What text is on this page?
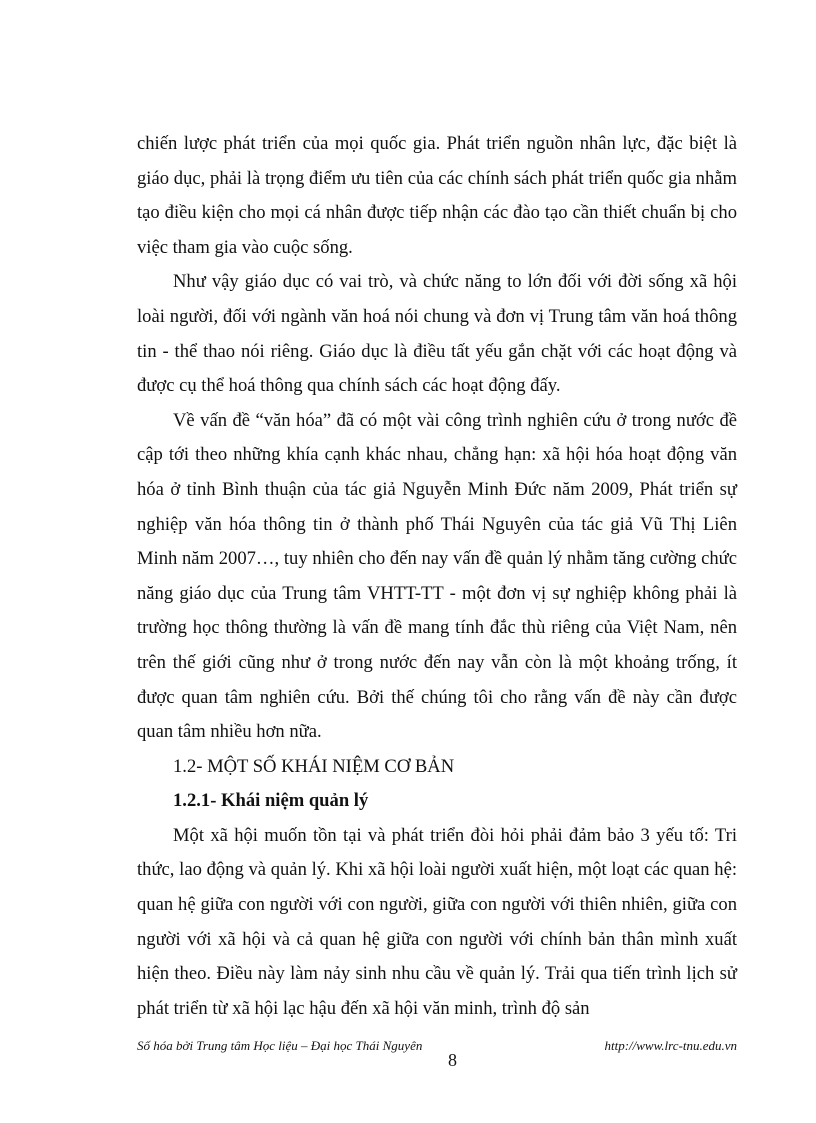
chiến lược phát triển của mọi quốc gia. Phát triển nguồn nhân lực, đặc biệt là giáo dục, phải là trọng điểm ưu tiên của các chính sách phát triển quốc gia nhằm tạo điều kiện cho mọi cá nhân được tiếp nhận các đào tạo cần thiết chuẩn bị cho việc tham gia vào cuộc sống.

Như vậy giáo dục có vai trò, và chức năng to lớn đối với đời sống xã hội loài người, đối với ngành văn hoá nói chung và đơn vị Trung tâm văn hoá thông tin - thể thao nói riêng. Giáo dục là điều tất yếu gắn chặt với các hoạt động và được cụ thể hoá thông qua chính sách các hoạt động đấy.

Về vấn đề “văn hóa” đã có một vài công trình nghiên cứu ở trong nước đề cập tới theo những khía cạnh khác nhau, chẳng hạn: xã hội hóa hoạt động văn hóa ở tỉnh Bình thuận của tác giả Nguyễn Minh Đức năm 2009, Phát triển sự nghiệp văn hóa thông tin ở thành phố Thái Nguyên của tác giả Vũ Thị Liên Minh năm 2007…, tuy nhiên cho đến nay vấn đề quản lý nhằm tăng cường chức năng giáo dục của Trung tâm VHTT-TT - một đơn vị sự nghiệp không phải là trường học thông thường là vấn đề mang tính đắc thù riêng của Việt Nam, nên trên thế giới cũng như ở trong nước đến nay vẫn còn là một khoảng trống, ít được quan tâm nghiên cứu. Bởi thế chúng tôi cho rằng vấn đề này cần được quan tâm nhiều hơn nữa.

1.2- MỘT SỐ KHÁI NIỆM CƠ BẢN

1.2.1- Khái niệm quản lý

Một xã hội muốn tồn tại và phát triển đòi hỏi phải đảm bảo 3 yếu tố: Tri thức, lao động và quản lý. Khi xã hội loài người xuất hiện, một loạt các quan hệ: quan hệ giữa con người với con người, giữa con người với thiên nhiên, giữa con người với xã hội và cả quan hệ giữa con người với chính bản thân mình xuất hiện theo. Điều này làm nảy sinh nhu cầu về quản lý. Trải qua tiến trình lịch sử phát triển từ xã hội lạc hậu đến xã hội văn minh, trình độ sản

Số hóa bởi Trung tâm Học liệu – Đại học Thái Nguyên	http://www.lrc-tnu.edu.vn
8
